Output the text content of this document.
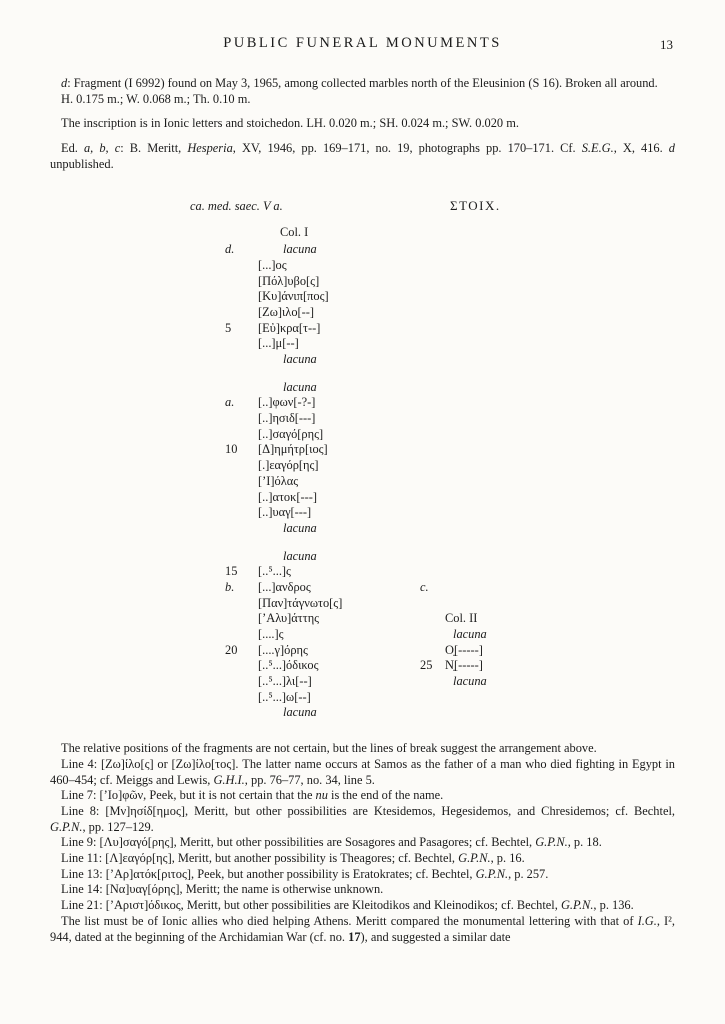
PUBLIC FUNERAL MONUMENTS	13

d: Fragment (I 6992) found on May 3, 1965, among collected marbles north of the Eleusinion (S 16). Broken all around.

H. 0.175 m.; W. 0.068 m.; Th. 0.10 m.

The inscription is in Ionic letters and stoichedon. LH. 0.020 m.; SH. 0.024 m.; SW. 0.020 m.

Ed. a, b, c: B. Meritt, Hesperia, XV, 1946, pp. 169–171, no. 19, photographs pp. 170–171. Cf. S.E.G., X, 416. d unpublished.

ca. med. saec. V a.	ΣΤΟΙΧ.
Col. I
d.	lacuna
[...]ος
[Πόλ]υβο[ς]
[Κυ]άνιπ[πος]
[Ζω]ιλο[--]
5	[Εὐ]κρα[τ--]
[...]μ[--]
lacuna
lacuna
a.	[..]φων[-?-]
[..]ησιδ[---]
[..]σαγό[ρης]
10	[Δ]ημήτρ[ιος]
[.]εαγόρ[ης]
[’Ι]όλας
[..]ατοκ[---]
[..]υαγ[---]
lacuna
lacuna
15	[..⁵...]ς
b.	[...]ανδρος	c.
[Παν]τάγνωτο[ς]
[’Αλυ]άττης	Col. II
[....]ς	lacuna
20	[....γ]όρης	Ο̣[-----]
[..⁵...]όδικος	25	Ν̣[-----]
[..⁵...]λι[--]	lacuna
[..⁵...]ω[--]
lacuna

The relative positions of the fragments are not certain, but the lines of break suggest the arrangement above.

Line 4: [Ζω]ίλο[ς] or [Ζω]ίλο[τος]. The latter name occurs at Samos as the father of a man who died fighting in Egypt in 460–454; cf. Meiggs and Lewis, G.H.I., pp. 76–77, no. 34, line 5.

Line 7: [’Ιο]φῶν, Peek, but it is not certain that the nu is the end of the name.

Line 8: [Μν]ησίδ[ημος], Meritt, but other possibilities are Ktesidemos, Hegesidemos, and Chresidemos; cf. Bechtel, G.P.N., pp. 127–129.

Line 9: [Λυ]σαγό[ρης], Meritt, but other possibilities are Sosagores and Pasagores; cf. Bechtel, G.P.N., p. 18.

Line 11: [Λ]εαγόρ[ης], Meritt, but another possibility is Theagores; cf. Bechtel, G.P.N., p. 16.

Line 13: [’Αρ]ατόκ[ριτος], Peek, but another possibility is Eratokrates; cf. Bechtel, G.P.N., p. 257.

Line 14: [Να]υαγ[όρης], Meritt; the name is otherwise unknown.

Line 21: [’Αριστ]όδικος, Meritt, but other possibilities are Kleitodikos and Kleinodikos; cf. Bechtel, G.P.N., p. 136.

The list must be of Ionic allies who died helping Athens. Meritt compared the monumental lettering with that of I.G., I², 944, dated at the beginning of the Archidamian War (cf. no. 17), and suggested a similar date
